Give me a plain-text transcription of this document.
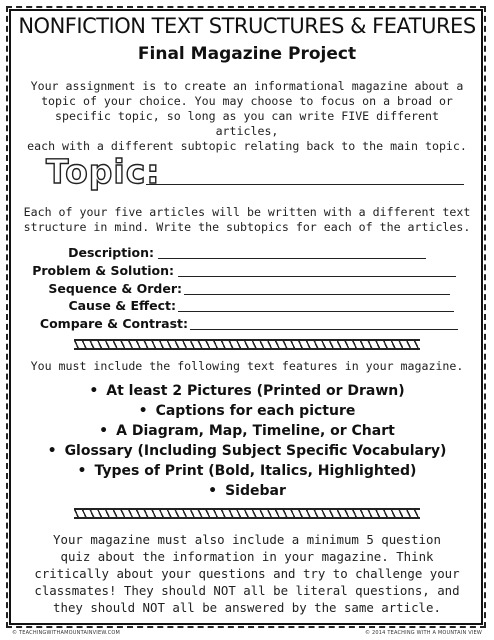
NONFICTION TEXT STRUCTURES & FEATURES
Final Magazine Project
Your assignment is to create an informational magazine about a
topic of your choice. You may choose to focus on a broad or
specific topic, so long as you can write FIVE different articles,
each with a different subtopic relating back to the main topic.
Topic:
Each of your five articles will be written with a different text
structure in mind. Write the subtopics for each of the articles.
Description:
Problem & Solution:
Sequence & Order:
Cause & Effect:
Compare & Contrast:
You must include the following text features in your magazine.
• At least 2 Pictures (Printed or Drawn)
• Captions for each picture
• A Diagram, Map, Timeline, or Chart
• Glossary (Including Subject Specific Vocabulary)
• Types of Print (Bold, Italics, Highlighted)
• Sidebar
Your magazine must also include a minimum 5 question
quiz about the information in your magazine. Think
critically about your questions and try to challenge your
classmates! They should NOT all be literal questions, and
they should NOT all be answered by the same article.
© TEACHINGWITHAMOUNTAINVIEW.COM	© 2014 TEACHING WITH A MOUNTAIN VIEW
